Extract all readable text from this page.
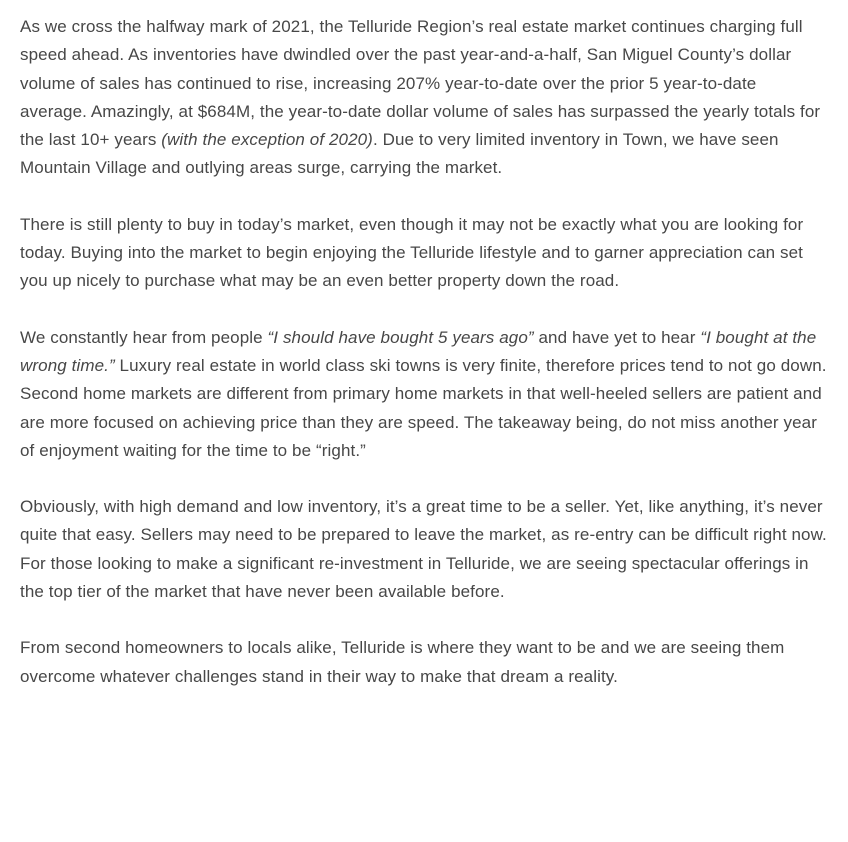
As we cross the halfway mark of 2021, the Telluride Region’s real estate market continues charging full speed ahead. As inventories have dwindled over the past year-and-a-half, San Miguel County’s dollar volume of sales has continued to rise, increasing 207% year-to-date over the prior 5 year-to-date average. Amazingly, at $684M, the year-to-date dollar volume of sales has surpassed the yearly totals for the last 10+ years (with the exception of 2020). Due to very limited inventory in Town, we have seen Mountain Village and outlying areas surge, carrying the market.

There is still plenty to buy in today’s market, even though it may not be exactly what you are looking for today. Buying into the market to begin enjoying the Telluride lifestyle and to garner appreciation can set you up nicely to purchase what may be an even better property down the road.

We constantly hear from people “I should have bought 5 years ago” and have yet to hear “I bought at the wrong time.” Luxury real estate in world class ski towns is very finite, therefore prices tend to not go down. Second home markets are different from primary home markets in that well-heeled sellers are patient and are more focused on achieving price than they are speed. The takeaway being, do not miss another year of enjoyment waiting for the time to be “right.”

Obviously, with high demand and low inventory, it’s a great time to be a seller. Yet, like anything, it’s never quite that easy. Sellers may need to be prepared to leave the market, as re-entry can be difficult right now. For those looking to make a significant re-investment in Telluride, we are seeing spectacular offerings in the top tier of the market that have never been available before.

From second homeowners to locals alike, Telluride is where they want to be and we are seeing them overcome whatever challenges stand in their way to make that dream a reality.
